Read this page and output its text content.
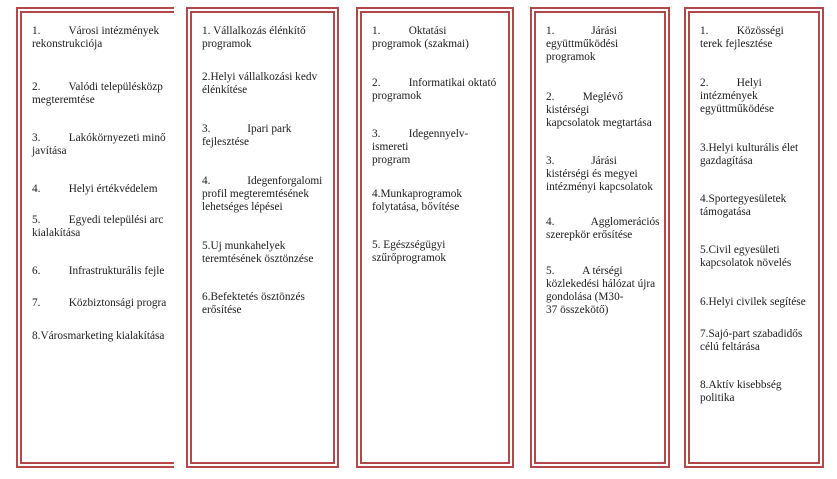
1.          Városi intézmények
rekonstrukciója
2.          Valódi településközp
megteremtése
3.          Lakókörnyezeti minő
javítása
4.          Helyi értékvédelem
5.          Egyedi települési arc
kialakítása
6.          Infrastrukturális fejle
7.          Közbiztonsági progra
8.Városmarketing kialakítása
1. Vállalkozás élénkítő
programok
2.Helyi vállalkozási kedv
élénkítése
3.             Ipari park
fejlesztése
4.             Idegenforgalomi
profil megteremtésének
lehetséges lépései
5.Uj munkahelyek
teremtésének ösztönzése
6.Befektetés ösztönzés
erősítése
1.          Oktatási
programok (szakmai)
2.          Informatikai oktató
programok
3.          Idegennyelv-
ismereti
program
4.Munkaprogramok
folytatása, bővítése
5. Egészségügyi
szűrőprogramok
1.             Járási
együttműködési
programok
2.          Meglévő
kistérségi
kapcsolatok megtartása
3.             Járási
kistérségi és megyei
intézményi kapcsolatok
4.             Agglomerációs
szerepkör erősítése
5.          A térségi
közlekedési hálózat újra
gondolása (M30-
37 összekötő)
1.          Közösségi
terek fejlesztése
2.          Helyi
intézmények
együttműködése
3.Helyi kulturális élet
gazdagítása
4.Sportegyesületek
támogatása
5.Civil egyesületi
kapcsolatok növelés
6.Helyi civilek segítése
7.Sajó-part szabadidős
célú feltárása
8.Aktív kisebbség
politika
